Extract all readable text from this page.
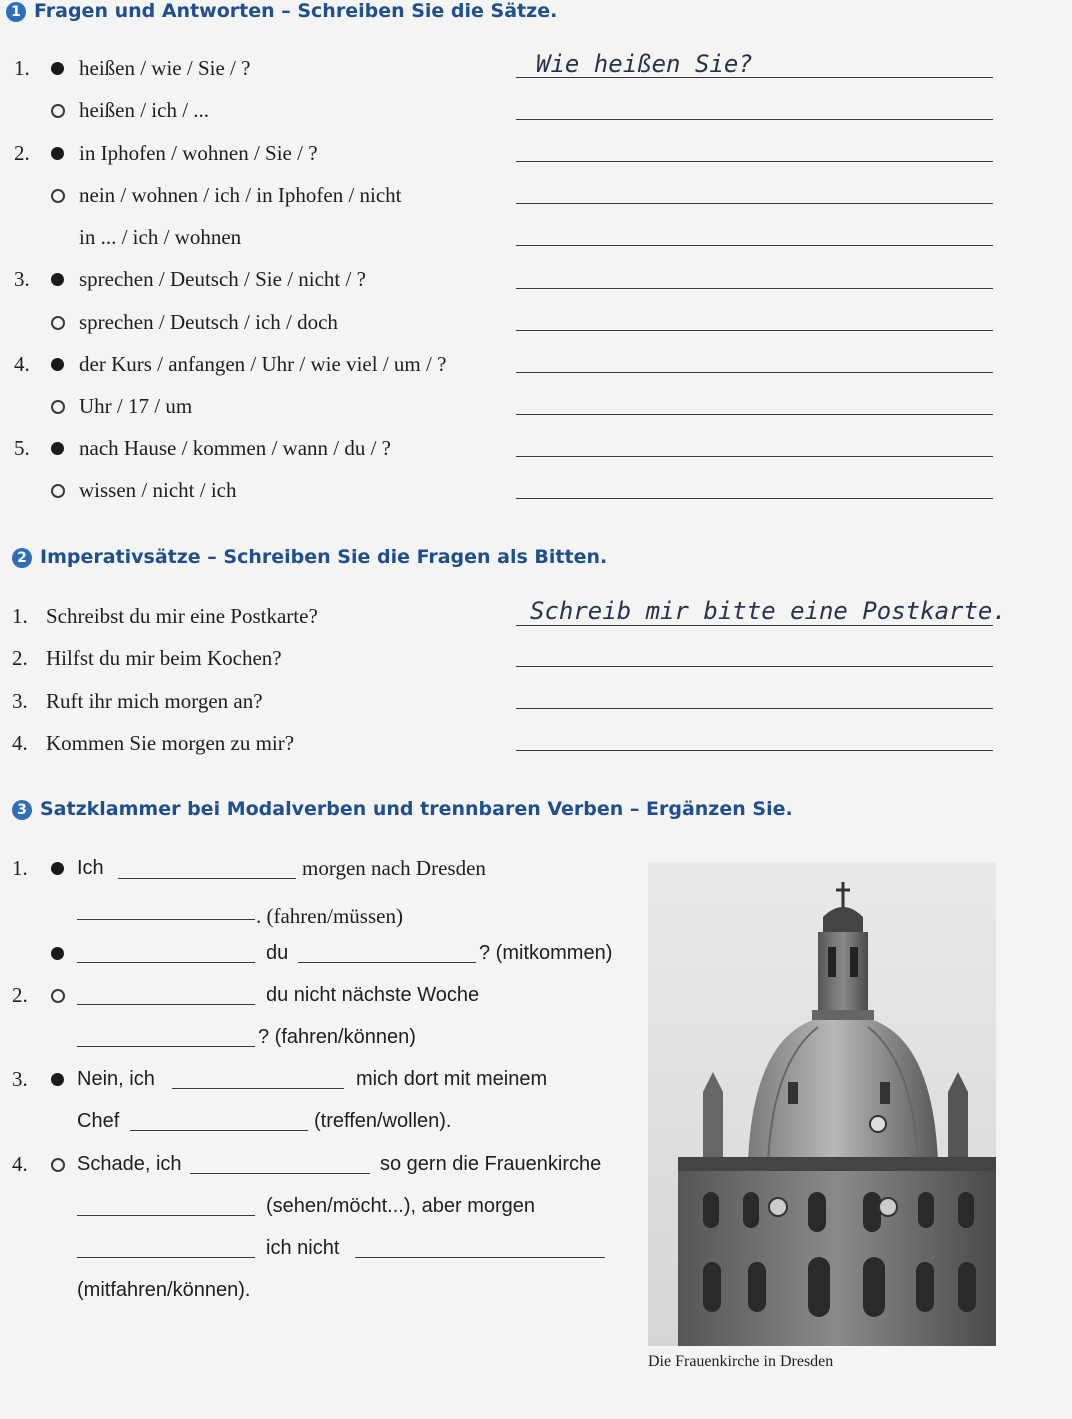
1 Fragen und Antworten – Schreiben Sie die Sätze.
1. heißen / wie / Sie / ?	Wie heißen Sie?
heißen / ich / ...
2. in Iphofen / wohnen / Sie / ?
nein / wohnen / ich / in Iphofen / nicht
in ... / ich / wohnen
3. sprechen / Deutsch / Sie / nicht / ?
sprechen / Deutsch / ich / doch
4. der Kurs / anfangen / Uhr / wie viel / um / ?
Uhr / 17 / um
5. nach Hause / kommen / wann / du / ?
wissen / nicht / ich
2 Imperativsätze – Schreiben Sie die Fragen als Bitten.
1. Schreibst du mir eine Postkarte?	Schreib mir bitte eine Postkarte.
2. Hilfst du mir beim Kochen?
3. Ruft ihr mich morgen an?
4. Kommen Sie morgen zu mir?
3 Satzklammer bei Modalverben und trennbaren Verben – Ergänzen Sie.
1. Ich	morgen nach Dresden
. (fahren/müssen)
du	? (mitkommen)
2.	du nicht nächste Woche
? (fahren/können)
3. Nein, ich	mich dort mit meinem
Chef	(treffen/wollen).
4. Schade, ich	so gern die Frauenkirche
(sehen/möcht...), aber morgen
ich nicht
(mitfahren/können).
Die Frauenkirche in Dresden
